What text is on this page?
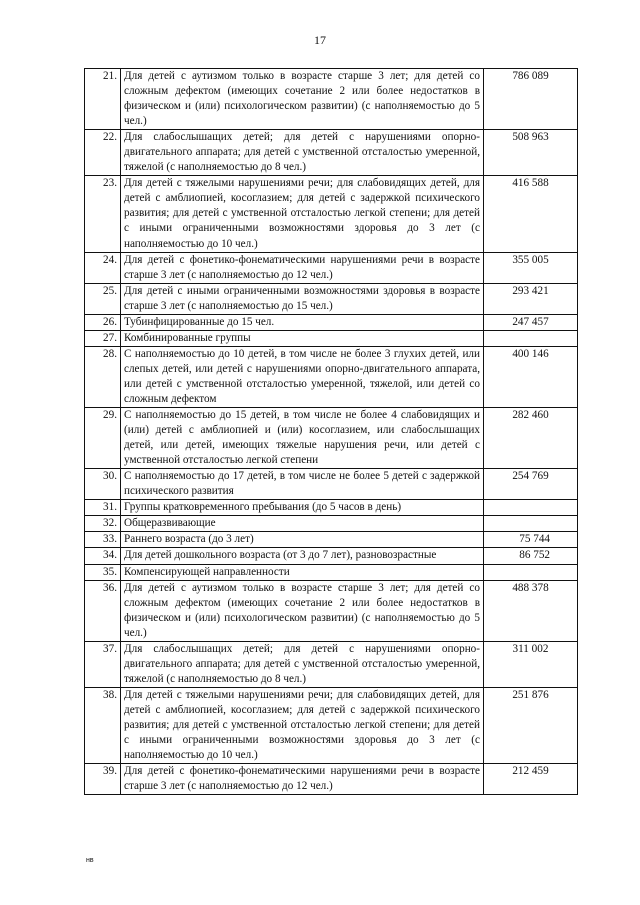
17
21.	Для детей с аутизмом только в возрасте старше 3 лет; для детей со сложным дефектом (имеющих сочетание 2 или более недостатков в физическом и (или) психологическом развитии) (с наполняемостью до 5 чел.)	786 089
22.	Для слабослышащих детей; для детей с нарушениями опорно-двигательного аппарата; для детей с умственной отсталостью умеренной, тяжелой (с наполняемостью до 8 чел.)	508 963
23.	Для детей с тяжелыми нарушениями речи; для слабовидящих детей, для детей с амблиопией, косоглазием; для детей с задержкой психического развития; для детей с умственной отсталостью легкой степени; для детей с иными ограниченными возможностями здоровья до 3 лет (с наполняемостью до 10 чел.)	416 588
24.	Для детей с фонетико-фонематическими нарушениями речи в возрасте старше 3 лет (с наполняемостью до 12 чел.)	355 005
25.	Для детей с иными ограниченными возможностями здоровья в возрасте старше 3 лет (с наполняемостью до 15 чел.)	293 421
26.	Тубинфицированные до 15 чел.	247 457
27.	Комбинированные группы	
28.	С наполняемостью до 10 детей, в том числе не более 3 глухих детей, или слепых детей, или детей с нарушениями опорно-двигательного аппарата, или детей с умственной отсталостью умеренной, тяжелой, или детей со сложным дефектом	400 146
29.	С наполняемостью до 15 детей, в том числе не более 4 слабовидящих и (или) детей с амблиопией и (или) косоглазием, или слабослышащих детей, или детей, имеющих тяжелые нарушения речи, или детей с умственной отсталостью легкой степени	282 460
30.	С наполняемостью до 17 детей, в том числе не более 5 детей с задержкой психического развития	254 769
31.	Группы кратковременного пребывания (до 5 часов в день)	
32.	Общеразвивающие	
33.	Раннего возраста (до 3 лет)	75 744
34.	Для детей дошкольного возраста (от 3 до 7 лет), разновозрастные	86 752
35.	Компенсирующей направленности	
36.	Для детей с аутизмом только в возрасте старше 3 лет; для детей со сложным дефектом (имеющих сочетание 2 или более недостатков в физическом и (или) психологическом развитии) (с наполняемостью до 5 чел.)	488 378
37.	Для слабослышащих детей; для детей с нарушениями опорно-двигательного аппарата; для детей с умственной отсталостью умеренной, тяжелой (с наполняемостью до 8 чел.)	311 002
38.	Для детей с тяжелыми нарушениями речи; для слабовидящих детей, для детей с амблиопией, косоглазием; для детей с задержкой психического развития; для детей с умственной отсталостью легкой степени; для детей с иными ограниченными возможностями здоровья до 3 лет (с наполняемостью до 10 чел.)	251 876
39.	Для детей с фонетико-фонематическими нарушениями речи в возрасте старше 3 лет (с наполняемостью до 12 чел.)	212 459
нв
